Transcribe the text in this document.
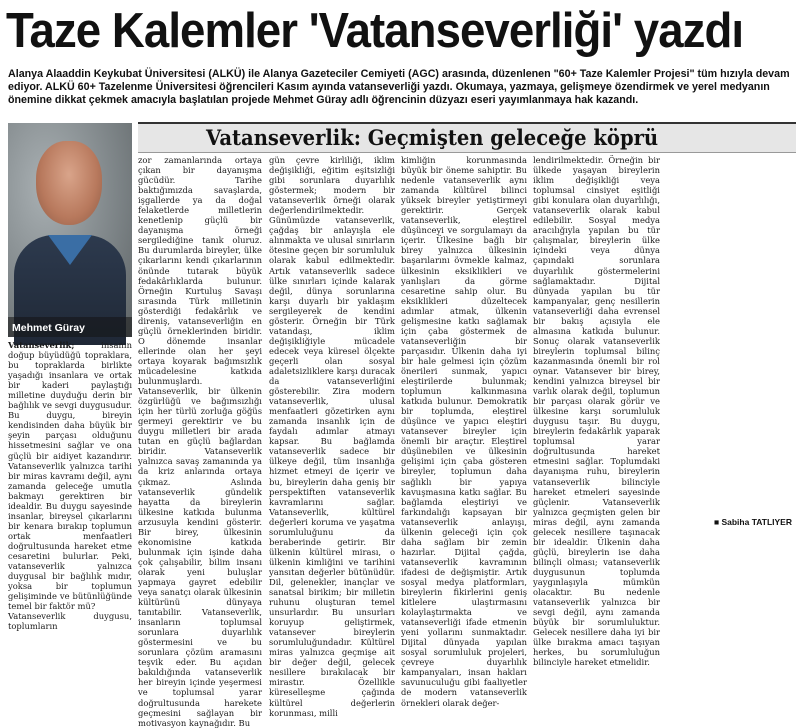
Taze Kalemler 'Vatanseverliği' yazdı
Alanya Alaaddin Keykubat Üniversitesi (ALKÜ) ile Alanya Gazeteciler Cemiyeti (AGC) arasında, düzenlenen "60+ Taze Kalemler Projesi" tüm hızıyla devam ediyor. ALKÜ 60+ Tazelenme Üniversitesi öğrencileri Kasım ayında vatanseverliği yazdı. Okumaya, yazmaya, gelişmeye özendirmek ve yerel medyanın önemine dikkat çekmek amacıyla başlatılan projede Mehmet Güray adlı öğrencinin düzyazı eseri yayımlanmaya hak kazandı.
Mehmet Güray
Vatanseverlik: Geçmişten geleceğe köprü

Vatanseverlik; insanın doğup büyüdüğü topraklara, bu topraklarda birlikte yaşadığı insanlara ve ortak bir kaderi paylaştığı milletine duyduğu derin bir bağlılık ve sevgi duygusudur. Bu duygu, bireyin kendisinden daha büyük bir şeyin parçası olduğunu hissetmesini sağlar ve ona güçlü bir aidiyet kazandırır. Vatanseverlik yalnızca tarihi bir miras kavramı değil, aynı zamanda geleceğe umutla bakmayı gerektiren bir idealdir. Bu duygu sayesinde insanlar, bireysel çıkarlarını bir kenara bırakıp toplumun ortak menfaatleri doğrultusunda hareket etme cesaretini bulurlar. Peki, vatanseverlik yalnızca duygusal bir bağlılık mıdır, yoksa bir toplumun gelişiminde ve bütünlüğünde temel bir faktör mü?

Vatanseverlik duygusu, toplumların

zor zamanlarında ortaya çıkan bir dayanışma gücüdür. Tarihe baktığımızda savaşlarda, işgallerde ya da doğal felaketlerde milletlerin kenetlenip güçlü bir dayanışma örneği sergilediğine tanık oluruz. Bu durumlarda bireyler, ülke çıkarlarını kendi çıkarlarının önünde tutarak büyük fedakârlıklarda bulunur. Örneğin Kurtuluş Savaşı sırasında Türk milletinin gösterdiği fedakârlık ve direniş, vatanseverliğin en güçlü örneklerinden biridir. O dönemde insanlar ellerinde olan her şeyi ortaya koyarak bağımsızlık mücadelesine katkıda bulunmuşlardı. Vatanseverlik, bir ülkenin özgürlüğü ve bağımsızlığı için her türlü zorluğa göğüs germeyi gerektirir ve bu duygu milletleri bir arada tutan en güçlü bağlardan biridir. Vatanseverlik yalnızca savaş zamanında ya da kriz anlarında ortaya çıkmaz. Aslında vatanseverlik gündelik hayatta da bireylerin ülkesine katkıda bulunma arzusuyla kendini gösterir. Bir birey, ülkesinin ekonomisine katkıda bulunmak için işinde daha çok çalışabilir, bilim insanı olarak yeni buluşlar yapmaya gayret edebilir veya sanatçı olarak ülkesinin kültürünü dünyaya tanıtabilir. Vatanseverlik, insanların toplumsal sorunlara duyarlılık göstermesini ve bu sorunlara çözüm aramasını teşvik eder. Bu açıdan bakıldığında vatanseverlik her bireyin içinde yeşermesi ve toplumsal yarar doğrultusunda harekete geçmesini sağlayan bir motivasyon kaynağıdır. Bu

gün çevre kirliliği, iklim değişikliği, eğitim eşitsizliği gibi sorunlara duyarlılık göstermek; modern bir vatanseverlik örneği olarak değerlendirilmektedir. Günümüzde vatanseverlik, çağdaş bir anlayışla ele alınmakta ve ulusal sınırların ötesine geçen bir sorumluluk olarak kabul edilmektedir. Artık vatanseverlik sadece ülke sınırları içinde kalarak değil, dünya sorunlarına karşı duyarlı bir yaklaşım sergileyerek de kendini gösterir. Örneğin bir Türk vatandaşı, iklim değişikliğiyle mücadele edecek veya küresel ölçekte geçerli olan sosyal adaletsizliklere karşı duracak da vatanseverliğini gösterebilir. Zira modern vatanseverlik, ulusal menfaatleri gözetirken aynı zamanda insanlık için de faydalı adımlar atmayı kapsar. Bu bağlamda vatanseverlik sadece bir ülkeye değil, tüm insanlığa hizmet etmeyi de içerir ve bu, bireylerin daha geniş bir perspektiften vatanseverlik kavramlarını sağlar. Vatanseverlik, kültürel değerleri koruma ve yaşatma sorumluluğunu da beraberinde getirir. Bir ülkenin kültürel mirası, o ülkenin kimliğini ve tarihini yansıtan değerler bütünüdür. Dil, gelenekler, inançlar ve sanatsal birikim; bir milletin ruhunu oluşturan temel unsurlardır. Bu unsurları koruyup geliştirmek, vatansever bireylerin sorumluluğundadır. Kültürel miras yalnızca geçmişe ait bir değer değil, gelecek nesillere bırakılacak bir mirastır. Özellikle küreselleşme çağında kültürel değerlerin korunması, milli

kimliğin korunmasında büyük bir öneme sahiptir. Bu nedenle vatanseverlik aynı zamanda kültürel bilinci yüksek bireyler yetiştirmeyi gerektirir. Gerçek vatanseverlik, eleştirel düşünceyi ve sorgulamayı da içerir. Ülkesine bağlı bir birey yalnızca ülkesinin başarılarını övmekle kalmaz, ülkesinin eksiklikleri ve yanlışları da görme cesaretine sahip olur. Bu eksiklikleri düzeltecek adımlar atmak, ülkenin gelişmesine katkı sağlamak için çaba göstermek de vatanseverliğin bir parçasıdır. Ülkenin daha iyi bir hale gelmesi için çözüm önerileri sunmak, yapıcı eleştirilerde bulunmak; toplumun kalkınmasına katkıda bulunur. Demokratik bir toplumda, eleştirel düşünce ve yapıcı eleştiri vatansever bireyler için önemli bir araçtır. Eleştirel düşünebilen ve ülkesinin gelişimi için çaba gösteren bireyler, toplumun daha sağlıklı bir yapıya kavuşmasına katkı sağlar. Bu bağlamda eleştiriyi ve farkındalığı kapsayan bir vatanseverlik anlayışı, ülkenin geleceği için çok daha sağlam bir zemin hazırlar. Dijital çağda, vatanseverlik kavramının ifadesi de değişmiştir. Artık sosyal medya platformları, bireylerin fikirlerini geniş kitlelere ulaştırmasını kolaylaştırmakta ve vatanseverliği ifade etmenin yeni yollarını sunmaktadır. Dijital dünyada yapılan sosyal sorumluluk projeleri, çevreye duyarlılık kampanyaları, insan hakları savunuculuğu gibi faaliyetler de modern vatanseverlik örnekleri olarak değer-

lendirilmektedir. Örneğin bir ülkede yaşayan bireylerin iklim değişikliği veya toplumsal cinsiyet eşitliği gibi konulara olan duyarlılığı, vatanseverlik olarak kabul edilebilir. Sosyal medya aracılığıyla yapılan bu tür çalışmalar, bireylerin ülke içindeki veya dünya çapındaki sorunlara duyarlılık göstermelerini sağlamaktadır. Dijital dünyada yapılan bu tür kampanyalar, genç nesillerin vatanseverliği daha evrensel bir bakış açısıyla ele almasına katkıda bulunur. Sonuç olarak vatanseverlik bireylerin toplumsal bilinç kazanmasında önemli bir rol oynar. Vatansever bir birey, kendini yalnızca bireysel bir varlık olarak değil, toplumun bir parçası olarak görür ve ülkesine karşı sorumluluk duygusu taşır. Bu duygu, bireylerin fedakârlık yaparak toplumsal yarar doğrultusunda hareket etmesini sağlar. Toplumdaki dayanışma ruhu, bireylerin vatanseverlik bilinciyle hareket etmeleri sayesinde güçlenir. Vatanseverlik yalnızca geçmişten gelen bir miras değil, aynı zamanda gelecek nesillere taşınacak bir idealdir. Ülkenin daha güçlü, bireylerin ise daha bilinçli olması; vatanseverlik duygusunun toplumda yaygınlaşıyla mümkün olacaktır. Bu nedenle vatanseverlik yalnızca bir sevgi değil, aynı zamanda büyük bir sorumluluktur. Gelecek nesillere daha iyi bir ülke bırakma amacı taşıyan herkes, bu sorumluluğun bilinciyle hareket etmelidir.

■ Sabiha TATLIYER
